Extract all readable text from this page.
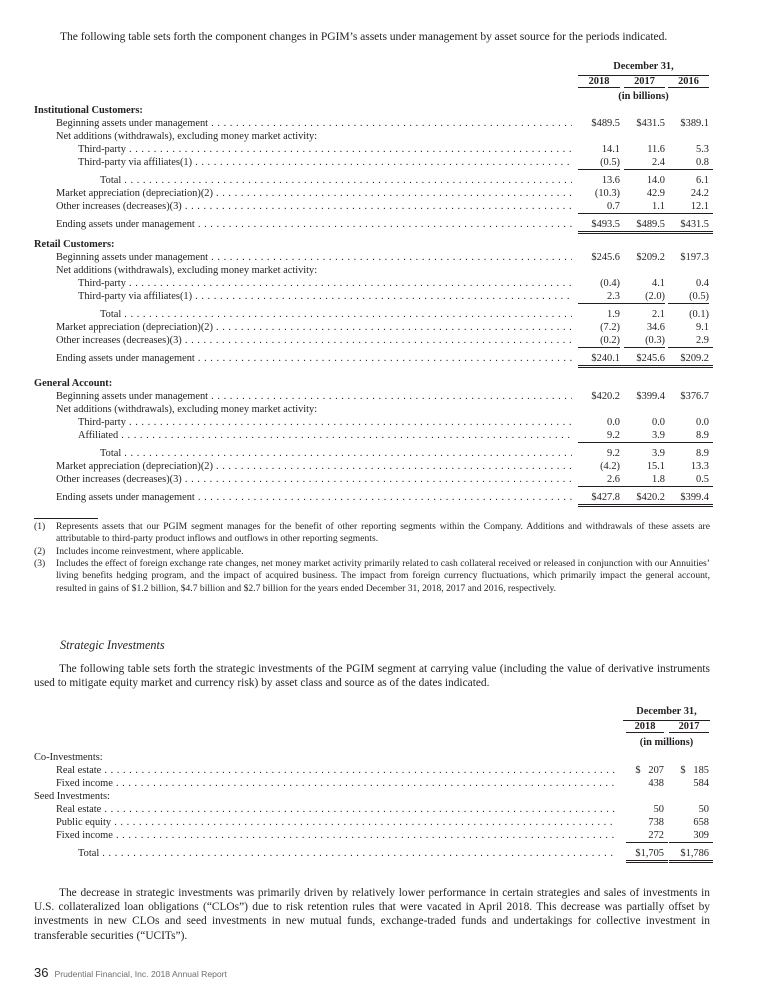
The following table sets forth the component changes in PGIM’s assets under management by asset source for the periods indicated.

December 31,
2018	2017	2016
(in billions)
Institutional Customers:
Beginning assets under management . . .	$489.5	$431.5	$389.1
Net additions (withdrawals), excluding money market activity:
Third-party . . .	14.1	11.6	5.3
Third-party via affiliates(1) . . .	(0.5)	2.4	0.8
Total . . .	13.6	14.0	6.1
Market appreciation (depreciation)(2) . . .	(10.3)	42.9	24.2
Other increases (decreases)(3) . . .	0.7	1.1	12.1
Ending assets under management . . .	$493.5	$489.5	$431.5
Retail Customers:
Beginning assets under management . . .	$245.6	$209.2	$197.3
Net additions (withdrawals), excluding money market activity:
Third-party . . .	(0.4)	4.1	0.4
Third-party via affiliates(1) . . .	2.3	(2.0)	(0.5)
Total . . .	1.9	2.1	(0.1)
Market appreciation (depreciation)(2) . . .	(7.2)	34.6	9.1
Other increases (decreases)(3) . . .	(0.2)	(0.3)	2.9
Ending assets under management . . .	$240.1	$245.6	$209.2
General Account:
Beginning assets under management . . .	$420.2	$399.4	$376.7
Net additions (withdrawals), excluding money market activity:
Third-party . . .	0.0	0.0	0.0
Affiliated . . .	9.2	3.9	8.9
Total . . .	9.2	3.9	8.9
Market appreciation (depreciation)(2) . . .	(4.2)	15.1	13.3
Other increases (decreases)(3) . . .	2.6	1.8	0.5
Ending assets under management . . .	$427.8	$420.2	$399.4
(1) Represents assets that our PGIM segment manages for the benefit of other reporting segments within the Company. Additions and withdrawals of these assets are attributable to third-party product inflows and outflows in other reporting segments.
(2) Includes income reinvestment, where applicable.
(3) Includes the effect of foreign exchange rate changes, net money market activity primarily related to cash collateral received or released in conjunction with our Annuities’ living benefits hedging program, and the impact of acquired business. The impact from foreign currency fluctuations, which primarily impact the general account, resulted in gains of $1.2 billion, $4.7 billion and $2.7 billion for the years ended December 31, 2018, 2017 and 2016, respectively.

Strategic Investments

The following table sets forth the strategic investments of the PGIM segment at carrying value (including the value of derivative instruments used to mitigate equity market and currency risk) by asset class and source as of the dates indicated.

December 31,
2018	2017
(in millions)
Co-Investments:
Real estate . . .	$   207	$   185
Fixed income . . .	438	584
Seed Investments:
Real estate . . .	50	50
Public equity . . .	738	658
Fixed income . . .	272	309
Total . . .	$1,705	$1,786

The decrease in strategic investments was primarily driven by relatively lower performance in certain strategies and sales of investments in U.S. collateralized loan obligations (“CLOs”) due to risk retention rules that were vacated in April 2018. This decrease was partially offset by investments in new CLOs and seed investments in new mutual funds, exchange-traded funds and undertakings for collective investment in transferable securities (“UCITs”).

36 Prudential Financial, Inc. 2018 Annual Report
